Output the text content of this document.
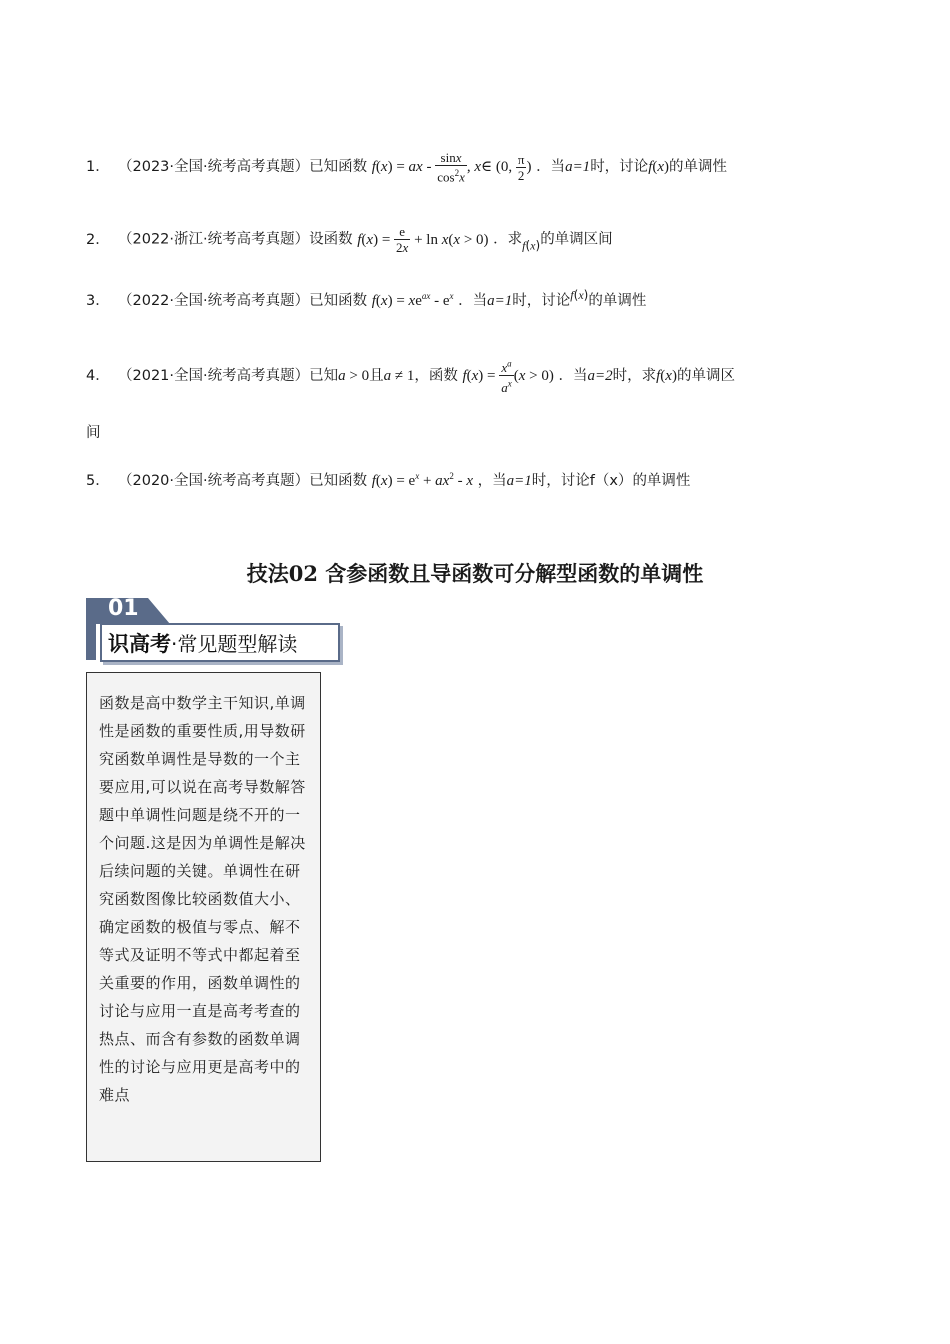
1． （2023·全国·统考高考真题）已知函数 f(x) = ax - $\frac{\sin x}{\cos^2x}$ , x∈ (0, $\frac{\pi}{2}$ ) ．当a=1时，讨论f(x)的单调性
2． （2022·浙江·统考高考真题）设函数 $f(x) = \frac{e}{2x} + \ln x(x > 0)$ ．求$_{f(x)}$的单调区间
3． （2022·全国·统考高考真题）已知函数 $f(x) = xe^{ax} - e^x$ ．当a=1时，讨论$^{f(x)}$的单调性
4． （2021·全国·统考高考真题）已知a > 0且a ≠ 1，函数 $f(x) = \frac{x^a}{a^x} (x > 0)$ ．当a=2时，求f(x)的单调区
间
5． （2020·全国·统考高考真题）已知函数 $f(x) = e^x + ax^2 - x$ ，当a=1时，讨论f（x）的单调性
技法02 含参函数且导函数可分解型函数的单调性
01
识高考·常见题型解读
函数是高中数学主干知识,单调性是函数的重要性质,用导数研究函数单调性是导数的一个主要应用,可以说在高考导数解答题中单调性问题是绕不开的一个问题.这是因为单调性是解决后续问题的关键。单调性在研究函数图像比较函数值大小、确定函数的极值与零点、解不等式及证明不等式中都起着至关重要的作用，函数单调性的讨论与应用一直是高考考查的热点、而含有参数的函数单调性的讨论与应用更是高考中的难点
